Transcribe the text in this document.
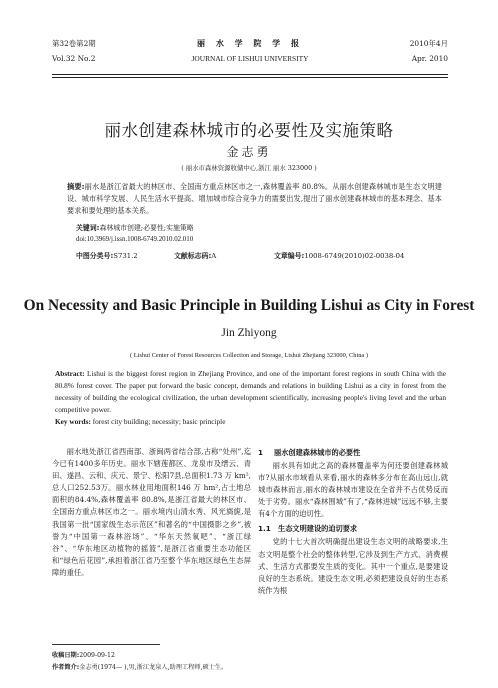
第32卷第2期	2010年4月
丽 水 学 院 学 报
Vol.32 No.2	Apr. 2010
JOURNAL OF LISHUI UNIVERSITY
丽水创建森林城市的必要性及实施策略
金志勇
( 丽水市森林资源收储中心,浙江 丽水 323000 )
摘要:丽水是浙江省最大的林区市、全国南方重点林区市之一,森林覆盖率 80.8%。从丽水创建森林城市是生态文明建设、城市科学发展、人民生活水平提高、增加城市综合竞争力的需要出发,提出了丽水创建森林城市的基本理念、基本要求和要处理的基本关系。
关键词:森林城市创建;必要性;实施策略
doi:10.3969/j.issn.1008-6749.2010.02.010
中图分类号:S731.2	文献标志码:A	文章编号:1008-6749(2010)02-0038-04
On Necessity and Basic Principle in Building Lishui as City in Forest
Jin Zhiyong
( Lishui Center of Forest Resources Collection and Storage, Lishui Zhejiang 323000, China )
Abstract: Lishui is the biggest forest region in Zhejiang Province, and one of the important forest regions in south China with the 80.8% forest cover. The paper put forward the basic concept, demands and relations in building Lishui as a city in forest from the necessity of building the ecological civilization, the urban development scientifically, increasing people's living level and the urban competitive power.
Key words: forest city building; necessity; basic principle
丽水地处浙江省西南部、浙闽两省结合部,古称“处州”,迄今已有1400多年历史。丽水下辖莲都区、龙泉市及缙云、青田、遂昌、云和、庆元、景宁、松阳7县,总面积1.73 万 km²,总人口252.53万。丽水林业用地面积146 万 hm²,占土地总面积的84.4%,森林覆盖率 80.8%,是浙江省最大的林区市、全国南方重点林区市之一。丽水境内山清水秀、风光旖旎,是我国第一批“国家级生态示范区”和著名的“中国摄影之乡”,被誉为“中国第一森林浴场”、“华东天然氧吧”、“浙江绿谷”、“华东地区动植物的摇篮”,是浙江省重要生态功能区和“绿色后花园”,承担着浙江省乃至整个华东地区绿色生态屏障的重任。
1 丽水创建森林城市的必要性
丽水具有如此之高的森林覆盖率为何还要创建森林城市?从丽水市域看从来看,丽水的森林多分布在高山远山,就城市森林而言,丽水的森林城市建设在全省并不占优势反而处于劣势。丽水“森林围城”有了,“森林进城”远远不够,主要有4个方面的迫切性。
1.1 生态文明建设的迫切要求
党的十七大首次明确提出建设生态文明的战略要求,生态文明是整个社会的整体转型,它涉及到生产方式、消费模式、生活方式都要发生质的变化。其中一个重点,是要建设良好的生态系统。建设生态文明,必须把建设良好的生态系统作为根
收稿日期:2009-09-12
作者简介:金志勇(1974— ),男,浙江龙泉人,助理工程师,硕士生。
